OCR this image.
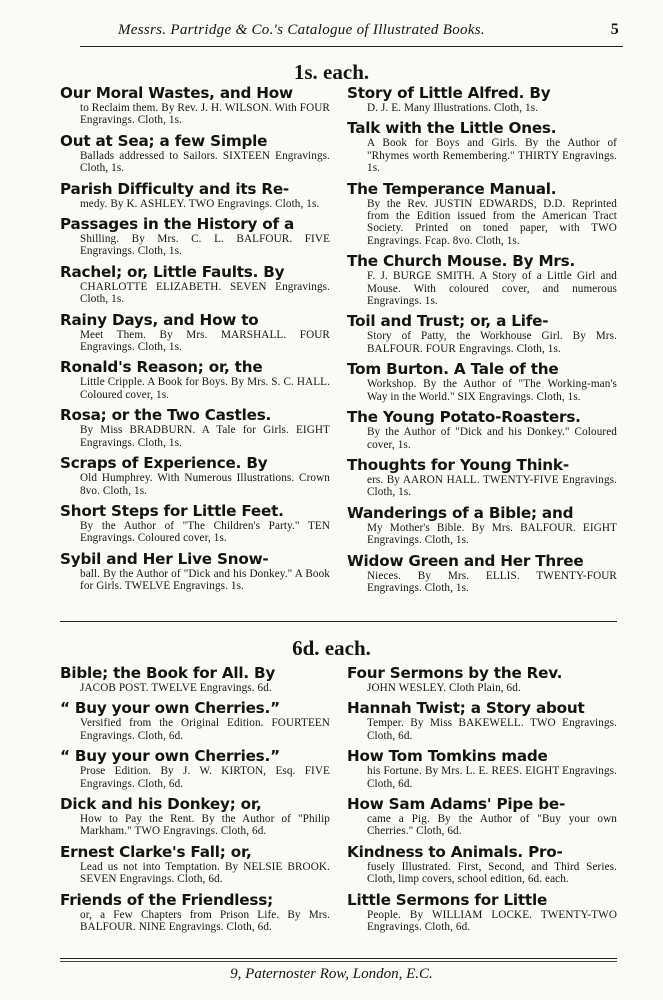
Messrs. Partridge & Co.'s Catalogue of Illustrated Books.	5
1s. each.
Our Moral Wastes, and How
to Reclaim them. By Rev. J. H. WILSON. With FOUR Engravings. Cloth, 1s.
Out at Sea; a few Simple
Ballads addressed to Sailors. SIXTEEN Engravings. Cloth, 1s.
Parish Difficulty and its Re-
medy. By K. ASHLEY. TWO Engravings. Cloth, 1s.
Passages in the History of a
Shilling. By Mrs. C. L. BALFOUR. FIVE Engravings. Cloth, 1s.
Rachel; or, Little Faults. By
CHARLOTTE ELIZABETH. SEVEN Engravings. Cloth, 1s.
Rainy Days, and How to
Meet Them. By Mrs. MARSHALL. FOUR Engravings. Cloth, 1s.
Ronald's Reason; or, the
Little Cripple. A Book for Boys. By Mrs. S. C. HALL. Coloured cover, 1s.
Rosa; or the Two Castles.
By Miss BRADBURN. A Tale for Girls. EIGHT Engravings. Cloth, 1s.
Scraps of Experience. By
Old Humphrey. With Numerous Illustrations. Crown 8vo. Cloth, 1s.
Short Steps for Little Feet.
By the Author of "The Children's Party." TEN Engravings. Coloured cover, 1s.
Sybil and Her Live Snow-
ball. By the Author of "Dick and his Donkey." A Book for Girls. TWELVE Engravings. 1s.
Story of Little Alfred. By
D. J. E. Many Illustrations. Cloth, 1s.
Talk with the Little Ones.
A Book for Boys and Girls. By the Author of "Rhymes worth Remembering." THIRTY Engravings. 1s.
The Temperance Manual.
By the Rev. JUSTIN EDWARDS, D.D. Reprinted from the Edition issued from the American Tract Society. Printed on toned paper, with TWO Engravings. Fcap. 8vo. Cloth, 1s.
The Church Mouse. By Mrs.
F. J. BURGE SMITH. A Story of a Little Girl and Mouse. With coloured cover, and numerous Engravings. 1s.
Toil and Trust; or, a Life-
Story of Patty, the Workhouse Girl. By Mrs. BALFOUR. FOUR Engravings. Cloth, 1s.
Tom Burton. A Tale of the
Workshop. By the Author of "The Working-man's Way in the World." SIX Engravings. Cloth, 1s.
The Young Potato-Roasters.
By the Author of "Dick and his Donkey." Coloured cover, 1s.
Thoughts for Young Think-
ers. By AARON HALL. TWENTY-FIVE Engravings. Cloth, 1s.
Wanderings of a Bible; and
My Mother's Bible. By Mrs. BALFOUR. EIGHT Engravings. Cloth, 1s.
Widow Green and Her Three
Nieces. By Mrs. ELLIS. TWENTY-FOUR Engravings. Cloth, 1s.
6d. each.
Bible; the Book for All. By
JACOB POST. TWELVE Engravings. 6d.
“ Buy your own Cherries.”
Versified from the Original Edition. FOURTEEN Engravings. Cloth, 6d.
“ Buy your own Cherries.”
Prose Edition. By J. W. KIRTON, Esq. FIVE Engravings. Cloth, 6d.
Dick and his Donkey; or,
How to Pay the Rent. By the Author of "Philip Markham." TWO Engravings. Cloth, 6d.
Ernest Clarke's Fall; or,
Lead us not into Temptation. By NELSIE BROOK. SEVEN Engravings. Cloth, 6d.
Friends of the Friendless;
or, a Few Chapters from Prison Life. By Mrs. BALFOUR. NINE Engravings. Cloth, 6d.
Four Sermons by the Rev.
JOHN WESLEY. Cloth Plain, 6d.
Hannah Twist; a Story about
Temper. By Miss BAKEWELL. TWO Engravings. Cloth, 6d.
How Tom Tomkins made
his Fortune. By Mrs. L. E. REES. EIGHT Engravings. Cloth, 6d.
How Sam Adams' Pipe be-
came a Pig. By the Author of "Buy your own Cherries." Cloth, 6d.
Kindness to Animals. Pro-
fusely Illustrated. First, Second, and Third Series. Cloth, limp covers, school edition, 6d. each.
Little Sermons for Little
People. By WILLIAM LOCKE. TWENTY-TWO Engravings. Cloth, 6d.
9, Paternoster Row, London, E.C.
